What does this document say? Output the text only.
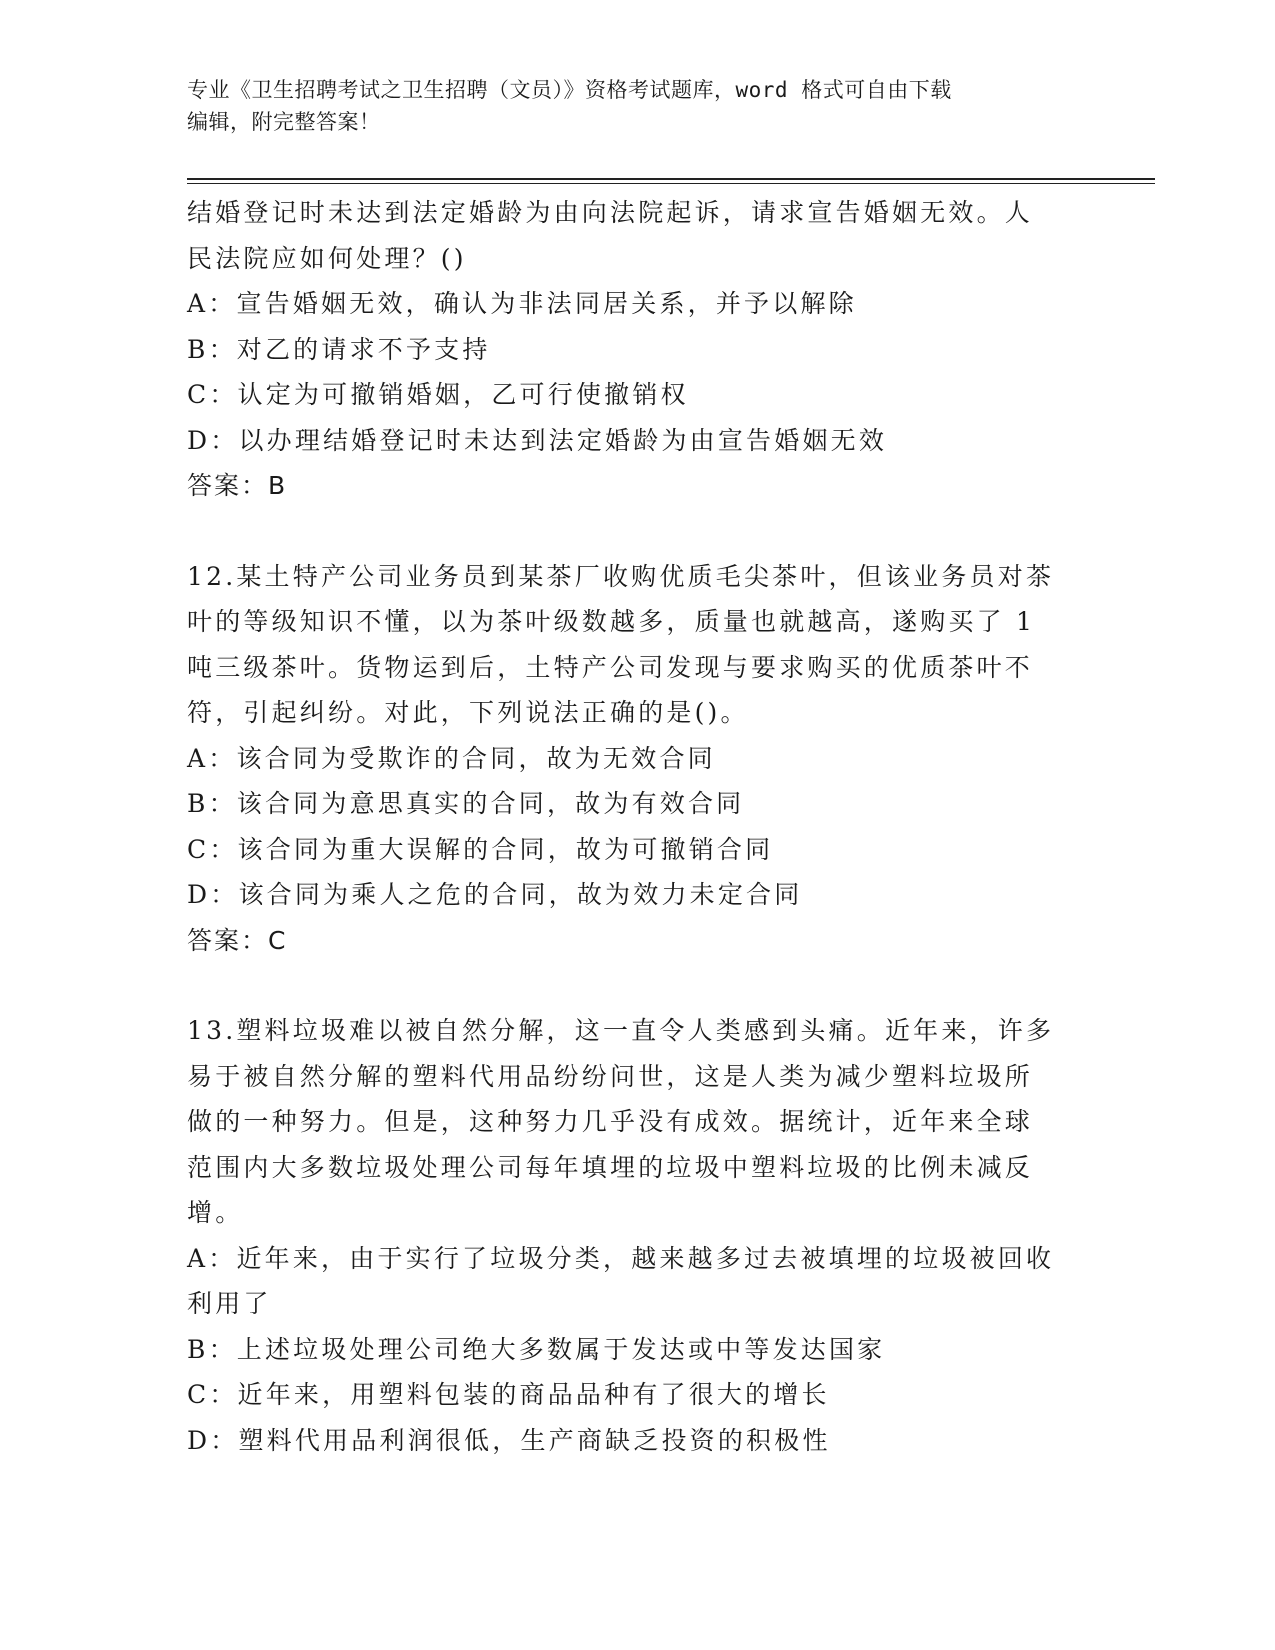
专业《卫生招聘考试之卫生招聘（文员）》资格考试题库，word 格式可自由下载
编辑，附完整答案！

结婚登记时未达到法定婚龄为由向法院起诉，请求宣告婚姻无效。人

民法院应如何处理？()

A：宣告婚姻无效，确认为非法同居关系，并予以解除

B：对乙的请求不予支持

C：认定为可撤销婚姻，乙可行使撤销权

D：以办理结婚登记时未达到法定婚龄为由宣告婚姻无效

答案：B

12.某土特产公司业务员到某茶厂收购优质毛尖茶叶，但该业务员对茶

叶的等级知识不懂，以为茶叶级数越多，质量也就越高，遂购买了 1

吨三级茶叶。货物运到后，土特产公司发现与要求购买的优质茶叶不

符，引起纠纷。对此，下列说法正确的是()。

A：该合同为受欺诈的合同，故为无效合同

B：该合同为意思真实的合同，故为有效合同

C：该合同为重大误解的合同，故为可撤销合同

D：该合同为乘人之危的合同，故为效力未定合同

答案：C

13.塑料垃圾难以被自然分解，这一直令人类感到头痛。近年来，许多

易于被自然分解的塑料代用品纷纷问世，这是人类为减少塑料垃圾所

做的一种努力。但是，这种努力几乎没有成效。据统计，近年来全球

范围内大多数垃圾处理公司每年填埋的垃圾中塑料垃圾的比例未减反

增。

A：近年来，由于实行了垃圾分类，越来越多过去被填埋的垃圾被回收

利用了

B：上述垃圾处理公司绝大多数属于发达或中等发达国家

C：近年来，用塑料包装的商品品种有了很大的增长

D：塑料代用品利润很低，生产商缺乏投资的积极性
